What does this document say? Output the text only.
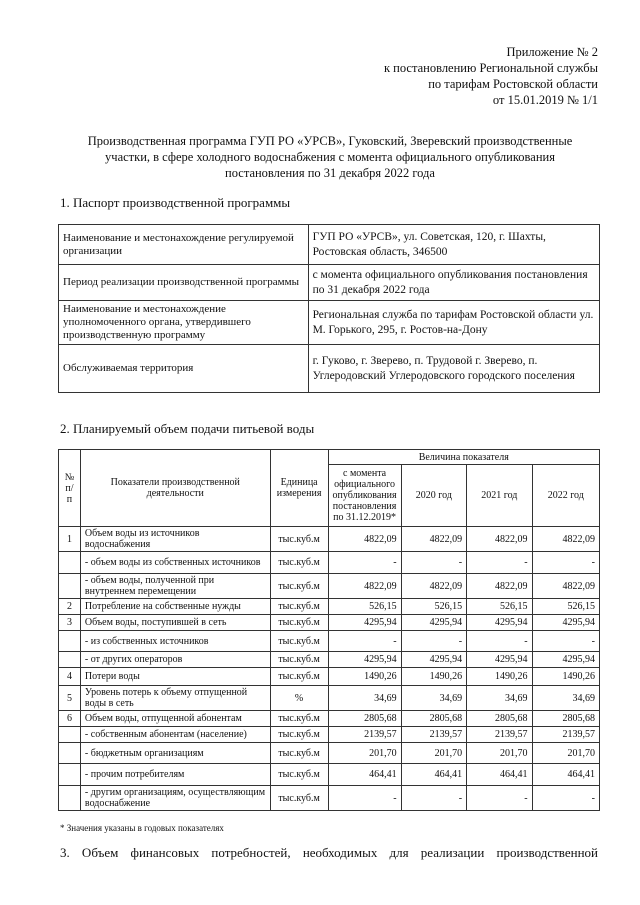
Приложение № 2
к постановлению Региональной службы
по тарифам Ростовской области
от 15.01.2019 № 1/1
Производственная программа ГУП РО «УРСВ», Гуковский, Зверевский производственные
участки, в сфере холодного водоснабжения с момента официального опубликования
постановления по 31 декабря 2022 года
1. Паспорт производственной программы
Наименование и местонахождение регулируемой организации	ГУП РО «УРСВ», ул. Советская, 120, г. Шахты, Ростовская область, 346500
Период реализации производственной программы	с момента официального опубликования постановления по 31 декабря 2022 года
Наименование и местонахождение уполномоченного органа, утвердившего производственную программу	Региональная служба по тарифам Ростовской области ул. М. Горького, 295, г. Ростов-на-Дону
Обслуживаемая территория	г. Гуково, г. Зверево, п. Трудовой г. Зверево, п. Углеродовский Углеродовского городского поселения
2. Планируемый объем подачи питьевой воды
№ п/п	Показатели производственной деятельности	Единица измерения	Величина показателя			
			с момента официального опубликования постановления по 31.12.2019*	2020 год	2021 год	2022 год
1	Объем воды из источников водоснабжения	тыс.куб.м	4822,09	4822,09	4822,09	4822,09
	- объем воды из собственных источников	тыс.куб.м	-	-	-	-
	- объем воды, полученной при внутреннем перемещении	тыс.куб.м	4822,09	4822,09	4822,09	4822,09
2	Потребление на собственные нужды	тыс.куб.м	526,15	526,15	526,15	526,15
3	Объем воды, поступившей в сеть	тыс.куб.м	4295,94	4295,94	4295,94	4295,94
	- из собственных источников	тыс.куб.м	-	-	-	-
	- от других операторов	тыс.куб.м	4295,94	4295,94	4295,94	4295,94
4	Потери воды	тыс.куб.м	1490,26	1490,26	1490,26	1490,26
5	Уровень потерь к объему отпущенной воды в сеть	%	34,69	34,69	34,69	34,69
6	Объем воды, отпущенной абонентам	тыс.куб.м	2805,68	2805,68	2805,68	2805,68
	- собственным абонентам (население)	тыс.куб.м	2139,57	2139,57	2139,57	2139,57
	- бюджетным организациям	тыс.куб.м	201,70	201,70	201,70	201,70
	- прочим потребителям	тыс.куб.м	464,41	464,41	464,41	464,41
	- другим организациям, осуществляющим водоснабжение	тыс.куб.м	-	-	-	-
* Значения указаны в годовых показателях
3. Объем финансовых потребностей, необходимых для реализации производственной
